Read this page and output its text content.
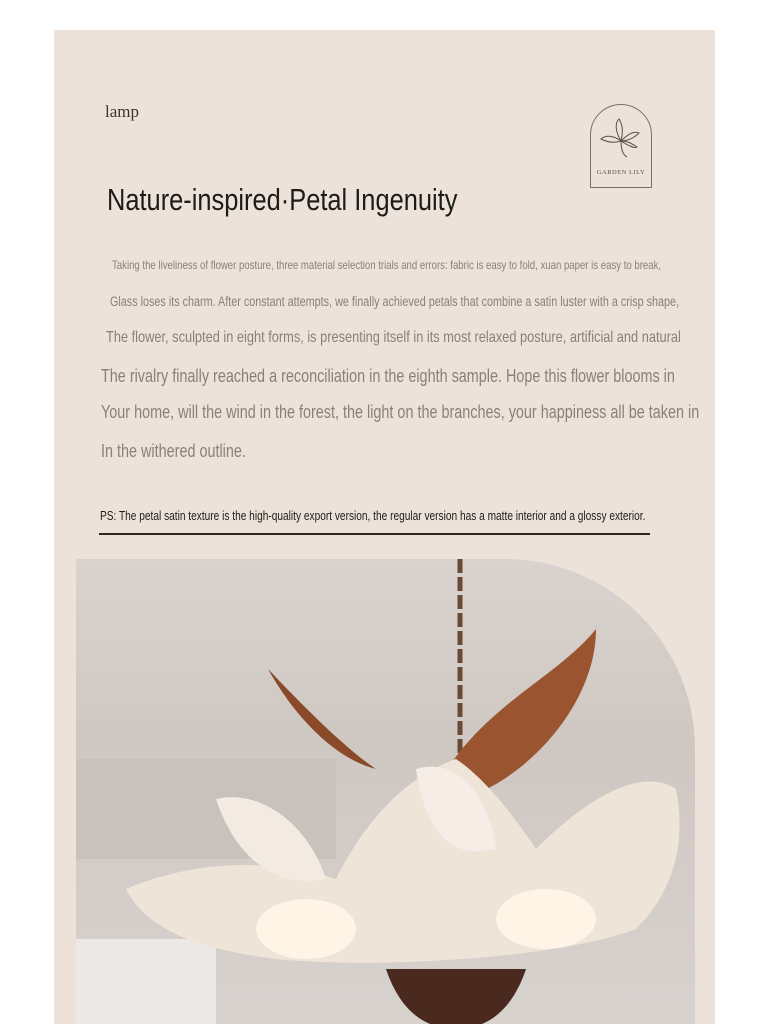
lamp
GARDEN LILY
Nature-inspired·Petal Ingenuity
Taking the liveliness of flower posture, three material selection trials and errors: fabric is easy to fold, xuan paper is easy to break,
Glass loses its charm. After constant attempts, we finally achieved petals that combine a satin luster with a crisp shape,
The flower, sculpted in eight forms, is presenting itself in its most relaxed posture, artificial and natural
The rivalry finally reached a reconciliation in the eighth sample. Hope this flower blooms in
Your home, will the wind in the forest, the light on the branches, your happiness all be taken in
In the withered outline.
PS: The petal satin texture is the high-quality export version, the regular version has a matte interior and a glossy exterior.
